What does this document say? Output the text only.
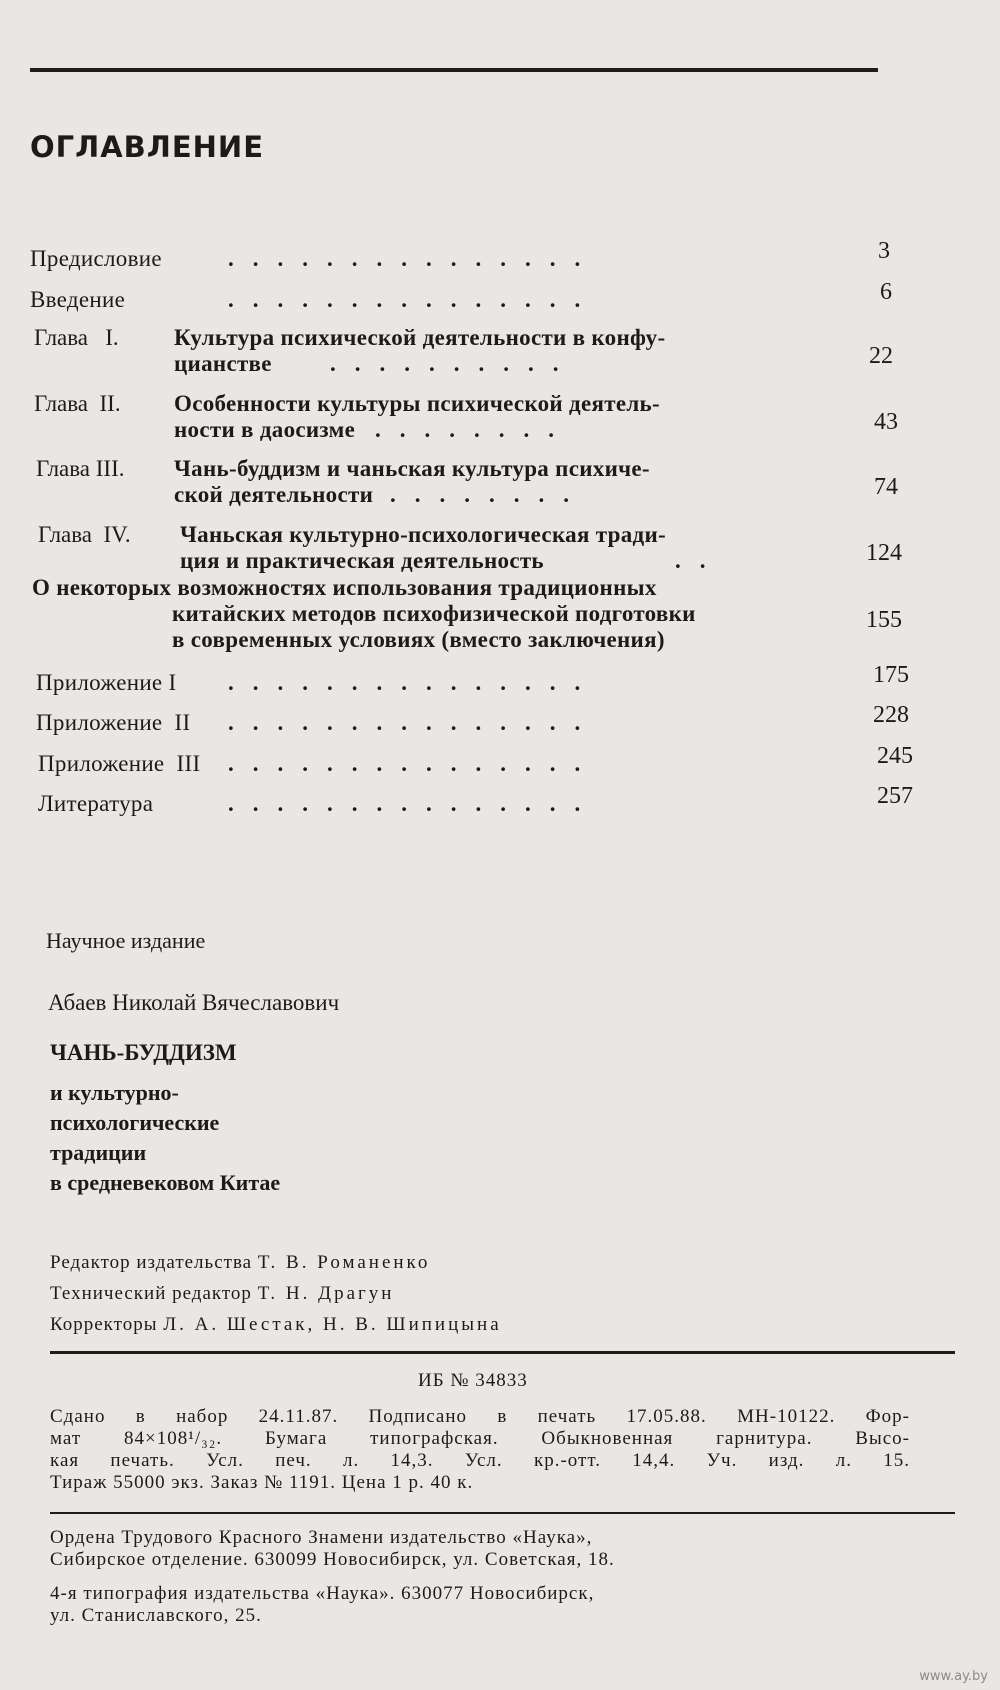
ОГЛАВЛЕНИЕ
Предисловие	...............	3
Введение	...............	6
Глава   I. Культура психической деятельности в конфу-
цианстве	22
..........
Глава  II. Особенности культуры психической деятель-
ности в даосизме	43
........
Глава III. Чань-буддизм и чаньская культура психиче-
ской деятельности	74
........
Глава  IV. Чаньская культурно-психологическая тради-
ция и практическая деятельность	124
..
О некоторых возможностях использования традиционных
китайских методов психофизической подготовки
в современных условиях (вместо заключения)
155
Приложение I ...............	175
Приложение  II ...............	228
Приложение  III ...............	245
Литература	...............	257
Научное издание
Абаев Николай Вячеславович
ЧАНЬ-БУДДИЗМ
и культурно-
психологические
традиции
в средневековом Китае
Редактор издательства Т. В. Романенко
Технический редактор Т. Н. Драгун
Корректоры Л. А. Шестак, Н. В. Шипицына
ИБ № 34833
Сдано в набор 24.11.87. Подписано в печать 17.05.88. МН-10122. Фор-
мат 84×108¹/₃₂. Бумага типографская. Обыкновенная гарнитура. Высо-
кая печать. Усл. печ. л. 14,3. Усл. кр.-отт. 14,4. Уч. изд. л. 15.
Тираж 55000 экз. Заказ № 1191. Цена 1 р. 40 к.
Ордена Трудового Красного Знамени издательство «Наука»,
Сибирское отделение. 630099 Новосибирск, ул. Советская, 18.
4-я типография издательства «Наука». 630077 Новосибирск,
ул. Станиславского, 25.
www.ay.by
